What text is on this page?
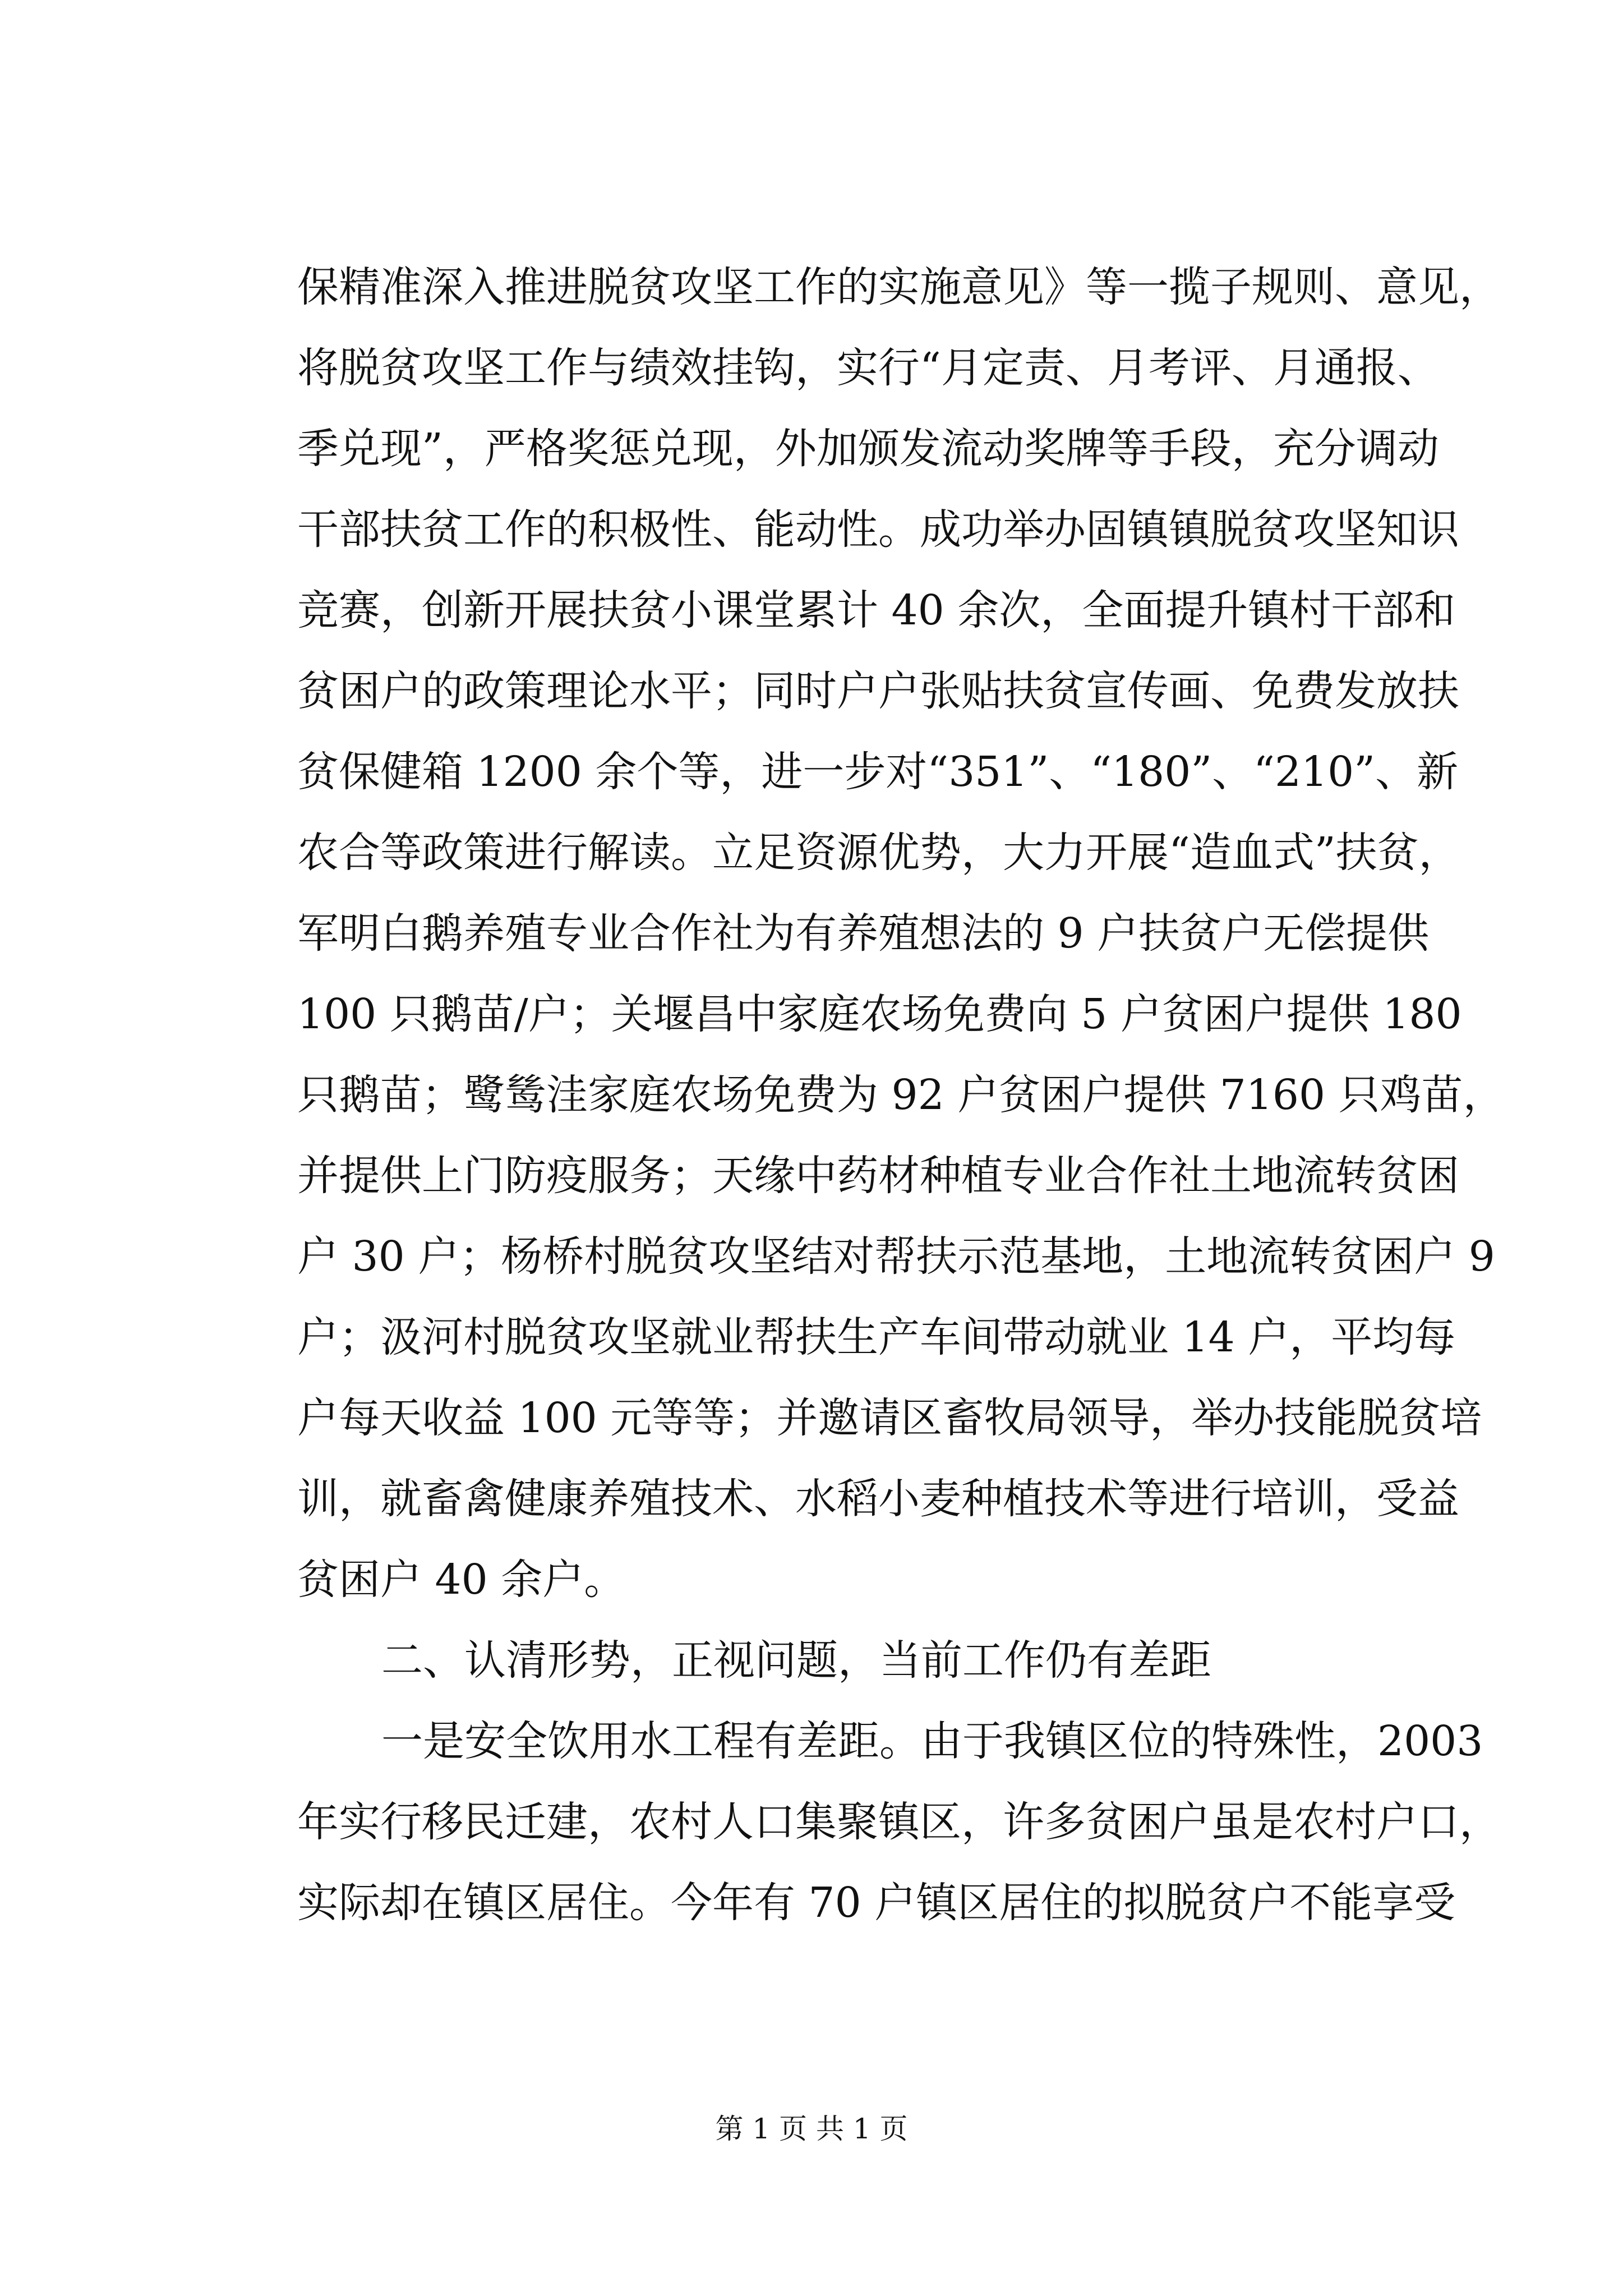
保精准深入推进脱贫攻坚工作的实施意见》等一揽子规则、意见，
将脱贫攻坚工作与绩效挂钩，实行“月定责、月考评、月通报、
季兑现”，严格奖惩兑现，外加颁发流动奖牌等手段，充分调动
干部扶贫工作的积极性、能动性。成功举办固镇镇脱贫攻坚知识
竞赛，创新开展扶贫小课堂累计 40 余次，全面提升镇村干部和
贫困户的政策理论水平；同时户户张贴扶贫宣传画、免费发放扶
贫保健箱 1200 余个等，进一步对“351”、“180”、“210”、新
农合等政策进行解读。立足资源优势，大力开展“造血式”扶贫，
军明白鹅养殖专业合作社为有养殖想法的 9 户扶贫户无偿提供
100 只鹅苗/户；关堰昌中家庭农场免费向 5 户贫困户提供 180
只鹅苗；鹭鸶洼家庭农场免费为 92 户贫困户提供 7160 只鸡苗，
并提供上门防疫服务；天缘中药材种植专业合作社土地流转贫困
户 30 户；杨桥村脱贫攻坚结对帮扶示范基地，土地流转贫困户 9
户；汲河村脱贫攻坚就业帮扶生产车间带动就业 14 户，平均每
户每天收益 100 元等等；并邀请区畜牧局领导，举办技能脱贫培
训，就畜禽健康养殖技术、水稻小麦种植技术等进行培训，受益
贫困户 40 余户。
二、认清形势，正视问题，当前工作仍有差距
一是安全饮用水工程有差距。由于我镇区位的特殊性，2003
年实行移民迁建，农村人口集聚镇区，许多贫困户虽是农村户口，
实际却在镇区居住。今年有 70 户镇区居住的拟脱贫户不能享受
第 1 页 共 1 页
